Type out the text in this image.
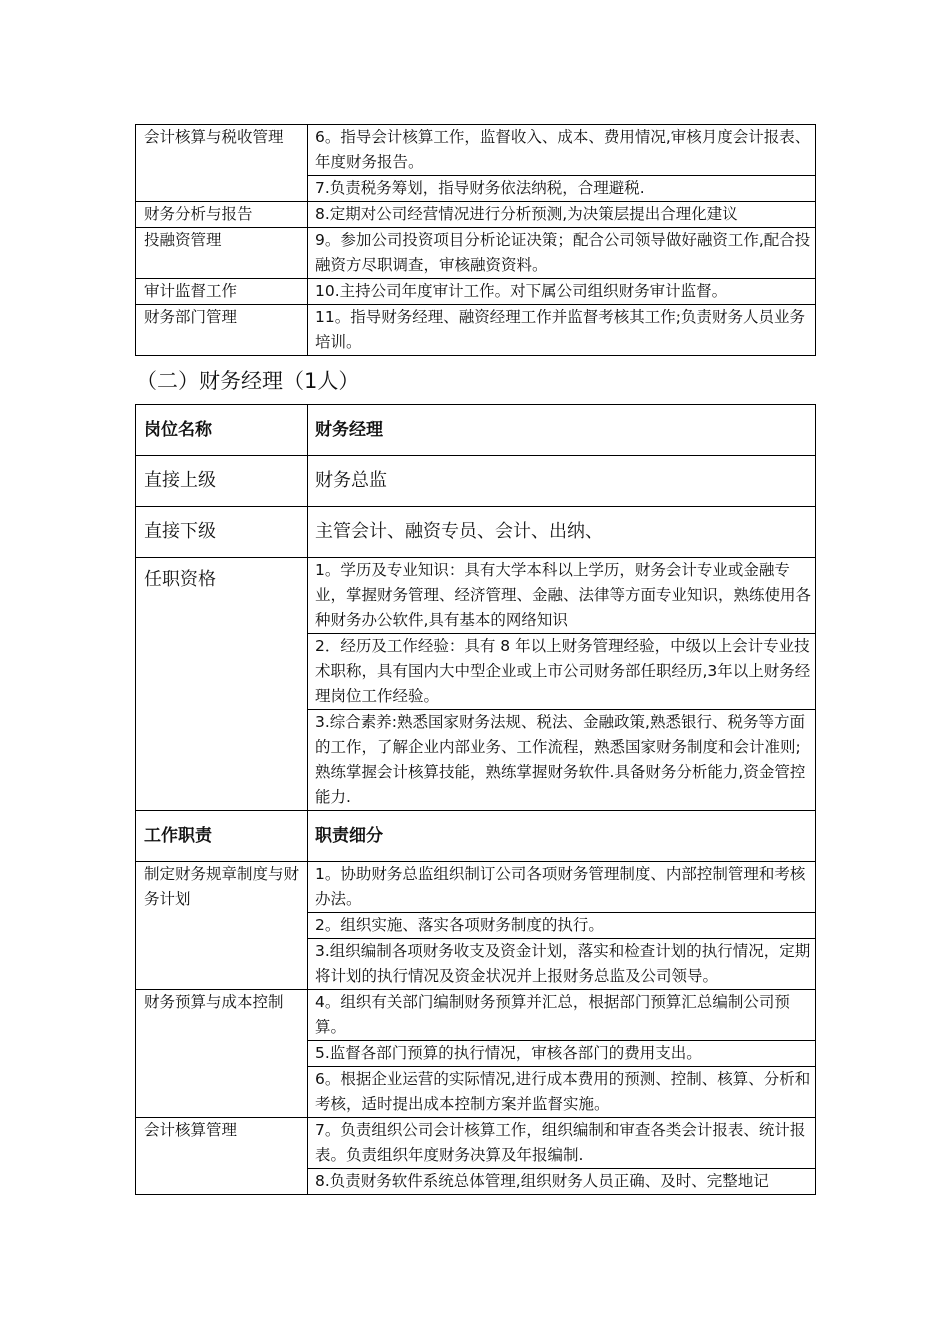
会计核算与税收管理	6。指导会计核算工作，监督收入、成本、费用情况,审核月度会计报表、年度财务报告。
	7.负责税务筹划，指导财务依法纳税，合理避税.
财务分析与报告	8.定期对公司经营情况进行分析预测,为决策层提出合理化建议
投融资管理	9。参加公司投资项目分析论证决策；配合公司领导做好融资工作,配合投融资方尽职调查，审核融资资料。
审计监督工作	10.主持公司年度审计工作。对下属公司组织财务审计监督。
财务部门管理	11。指导财务经理、融资经理工作并监督考核其工作;负责财务人员业务培训。
（二）财务经理（1人）
岗位名称	财务经理
直接上级	财务总监
直接下级	主管会计、融资专员、会计、出纳、
任职资格	1。学历及专业知识：具有大学本科以上学历，财务会计专业或金融专业，掌握财务管理、经济管理、金融、法律等方面专业知识，熟练使用各种财务办公软件,具有基本的网络知识
	2．经历及工作经验：具有 8 年以上财务管理经验，中级以上会计专业技术职称，具有国内大中型企业或上市公司财务部任职经历,3年以上财务经理岗位工作经验。
	3.综合素养:熟悉国家财务法规、税法、金融政策,熟悉银行、税务等方面的工作，了解企业内部业务、工作流程，熟悉国家财务制度和会计准则;熟练掌握会计核算技能，熟练掌握财务软件.具备财务分析能力,资金管控能力.
工作职责	职责细分
制定财务规章制度与财务计划	1。协助财务总监组织制订公司各项财务管理制度、内部控制管理和考核办法。
	2。组织实施、落实各项财务制度的执行。
	3.组织编制各项财务收支及资金计划，落实和检查计划的执行情况，定期将计划的执行情况及资金状况并上报财务总监及公司领导。
财务预算与成本控制	4。组织有关部门编制财务预算并汇总，根据部门预算汇总编制公司预算。
	5.监督各部门预算的执行情况，审核各部门的费用支出。
	6。根据企业运营的实际情况,进行成本费用的预测、控制、核算、分析和考核，适时提出成本控制方案并监督实施。
会计核算管理	7。负责组织公司会计核算工作，组织编制和审查各类会计报表、统计报表。负责组织年度财务决算及年报编制.
	8.负责财务软件系统总体管理,组织财务人员正确、及时、完整地记
